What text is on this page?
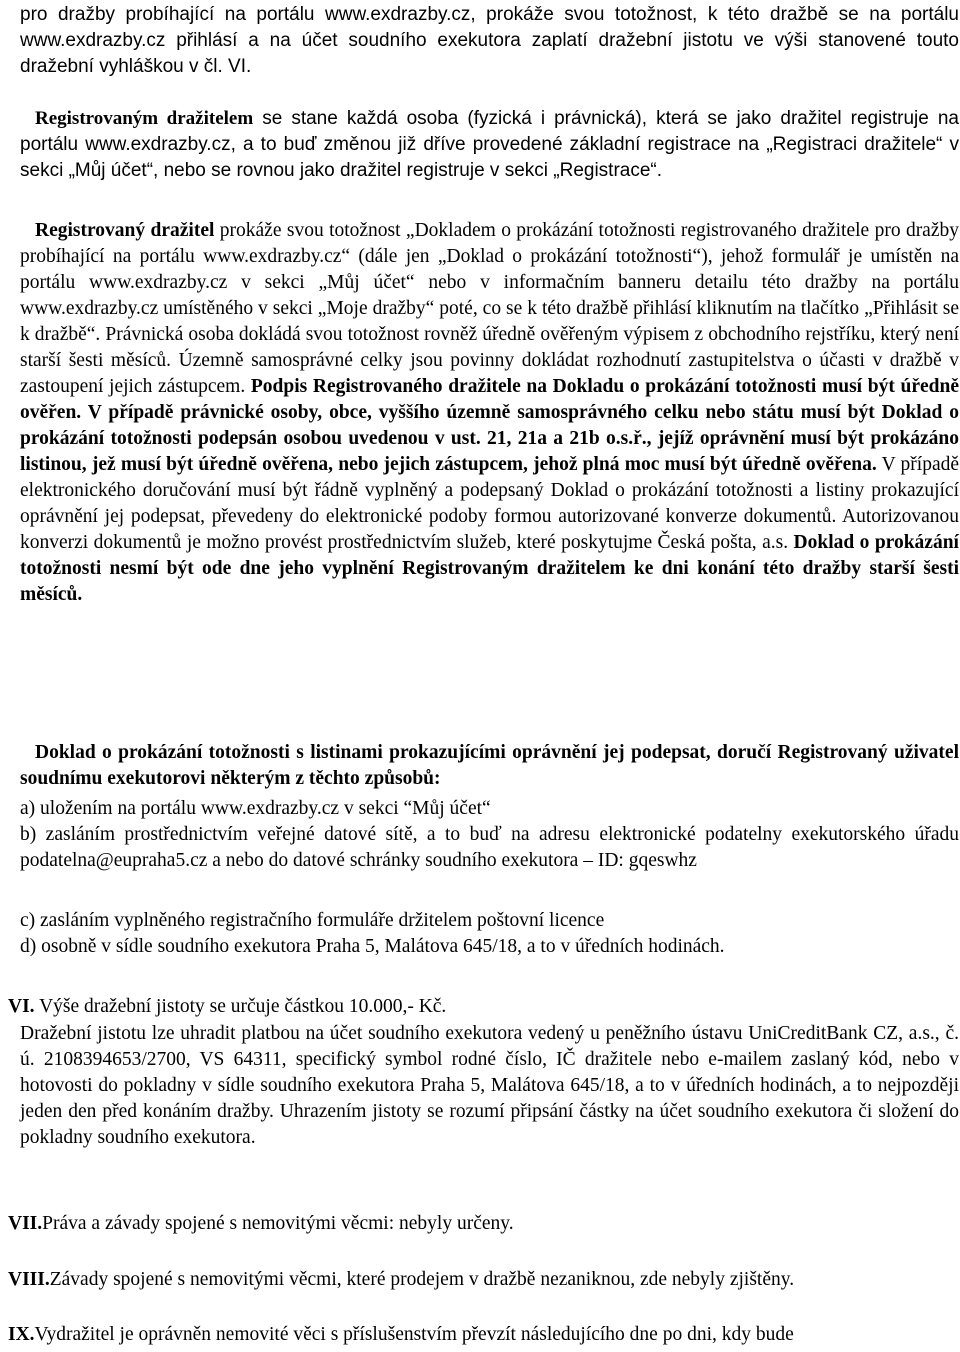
pro dražby probíhající na portálu www.exdrazby.cz, prokáže svou totožnost, k této dražbě se na portálu www.exdrazby.cz přihlásí a na účet soudního exekutora zaplatí dražební jistotu ve výši stanovené touto dražební vyhláškou v čl. VI.

Registrovaným dražitelem se stane každá osoba (fyzická i právnická), která se jako dražitel registruje na portálu www.exdrazby.cz, a to buď změnou již dříve provedené základní registrace na „Registraci dražitele“ v sekci „Můj účet“, nebo se rovnou jako dražitel registruje v sekci „Registrace“.

Registrovaný dražitel prokáže svou totožnost „Dokladem o prokázání totožnosti registrovaného dražitele pro dražby probíhající na portálu www.exdrazby.cz“ (dále jen „Doklad o prokázání totožnosti“), jehož formulář je umístěn na portálu www.exdrazby.cz v sekci „Můj účet“ nebo v informačním banneru detailu této dražby na portálu www.exdrazby.cz umístěného v sekci „Moje dražby“ poté, co se k této dražbě přihlásí kliknutím na tlačítko „Přihlásit se k dražbě“. Právnická osoba dokládá svou totožnost rovněž úředně ověřeným výpisem z obchodního rejstříku, který není starší šesti měsíců. Územně samosprávné celky jsou povinny dokládat rozhodnutí zastupitelstva o účasti v dražbě v zastoupení jejich zástupcem. Podpis Registrovaného dražitele na Dokladu o prokázání totožnosti musí být úředně ověřen. V případě právnické osoby, obce, vyššího územně samosprávného celku nebo státu musí být Doklad o prokázání totožnosti podepsán osobou uvedenou v ust. 21, 21a a 21b o.s.ř., jejíž oprávnění musí být prokázáno listinou, jež musí být úředně ověřena, nebo jejich zástupcem, jehož plná moc musí být úředně ověřena. V případě elektronického doručování musí být řádně vyplněný a podepsaný Doklad o prokázání totožnosti a listiny prokazující oprávnění jej podepsat, převedeny do elektronické podoby formou autorizované konverze dokumentů. Autorizovanou konverzi dokumentů je možno provést prostřednictvím služeb, které poskytujme Česká pošta, a.s. Doklad o prokázání totožnosti nesmí být ode dne jeho vyplnění Registrovaným dražitelem ke dni konání této dražby starší šesti měsíců.

Doklad o prokázání totožnosti s listinami prokazujícími oprávnění jej podepsat, doručí Registrovaný uživatel soudnímu exekutorovi některým z těchto způsobů:

a) uložením na portálu www.exdrazby.cz v sekci “Můj účet“

b) zasláním prostřednictvím veřejné datové sítě, a to buď na adresu elektronické podatelny exekutorského úřadu podatelna@eupraha5.cz a nebo do datové schránky soudního exekutora – ID: gqeswhz

c) zasláním vyplněného registračního formuláře držitelem poštovní licence

d) osobně v sídle soudního exekutora Praha 5, Malátova 645/18, a to v úředních hodinách.

VI. Výše dražební jistoty se určuje částkou 10.000,- Kč.

Dražební jistotu lze uhradit platbou na účet soudního exekutora vedený u peněžního ústavu UniCreditBank CZ, a.s., č. ú. 2108394653/2700, VS 64311, specifický symbol rodné číslo, IČ dražitele nebo e-mailem zaslaný kód, nebo v hotovosti do pokladny v sídle soudního exekutora Praha 5, Malátova 645/18, a to v úředních hodinách, a to nejpozději jeden den před konáním dražby. Uhrazením jistoty se rozumí připsání částky na účet soudního exekutora či složení do pokladny soudního exekutora.

VII.Práva a závady spojené s nemovitými věcmi: nebyly určeny.
VIII.Závady spojené s nemovitými věcmi, které prodejem v dražbě nezaniknou, zde nebyly zjištěny.
IX.Vydražitel je oprávněn nemovité věci s příslušenstvím převzít následujícího dne po dni, kdy bude
